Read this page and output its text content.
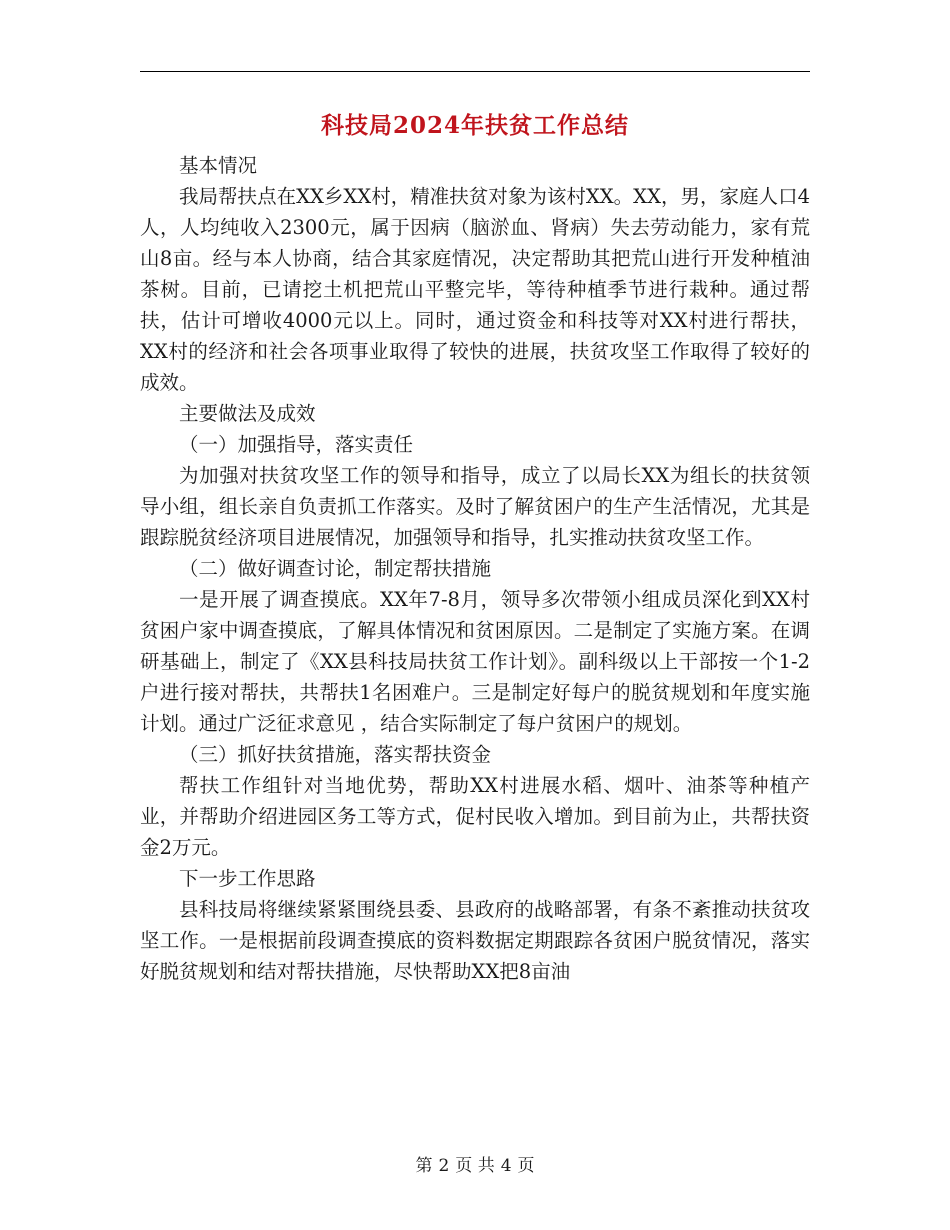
科技局2024年扶贫工作总结

基本情况

我局帮扶点在XX乡XX村，精准扶贫对象为该村XX。XX，男，家庭人口4人，人均纯收入2300元，属于因病（脑淤血、肾病）失去劳动能力，家有荒山8亩。经与本人协商，结合其家庭情况，决定帮助其把荒山进行开发种植油茶树。目前，已请挖土机把荒山平整完毕，等待种植季节进行栽种。通过帮扶，估计可增收4000元以上。同时，通过资金和科技等对XX村进行帮扶，XX村的经济和社会各项事业取得了较快的进展，扶贫攻坚工作取得了较好的成效。

主要做法及成效

（一）加强指导，落实责任

为加强对扶贫攻坚工作的领导和指导，成立了以局长XX为组长的扶贫领导小组，组长亲自负责抓工作落实。及时了解贫困户的生产生活情况，尤其是跟踪脱贫经济项目进展情况，加强领导和指导，扎实推动扶贫攻坚工作。

（二）做好调查讨论，制定帮扶措施

一是开展了调查摸底。XX年7-8月，领导多次带领小组成员深化到XX村贫困户家中调查摸底，了解具体情况和贫困原因。二是制定了实施方案。在调研基础上，制定了《XX县科技局扶贫工作计划》。副科级以上干部按一个1-2户进行接对帮扶，共帮扶1名困难户。三是制定好每户的脱贫规划和年度实施计划。通过广泛征求意见 ，结合实际制定了每户贫困户的规划。

（三）抓好扶贫措施，落实帮扶资金

帮扶工作组针对当地优势，帮助XX村进展水稻、烟叶、油茶等种植产业，并帮助介绍进园区务工等方式，促村民收入增加。到目前为止，共帮扶资金2万元。

下一步工作思路

县科技局将继续紧紧围绕县委、县政府的战略部署，有条不紊推动扶贫攻坚工作。一是根据前段调查摸底的资料数据定期跟踪各贫困户脱贫情况，落实好脱贫规划和结对帮扶措施，尽快帮助XX把8亩油

第 2 页 共 4 页
